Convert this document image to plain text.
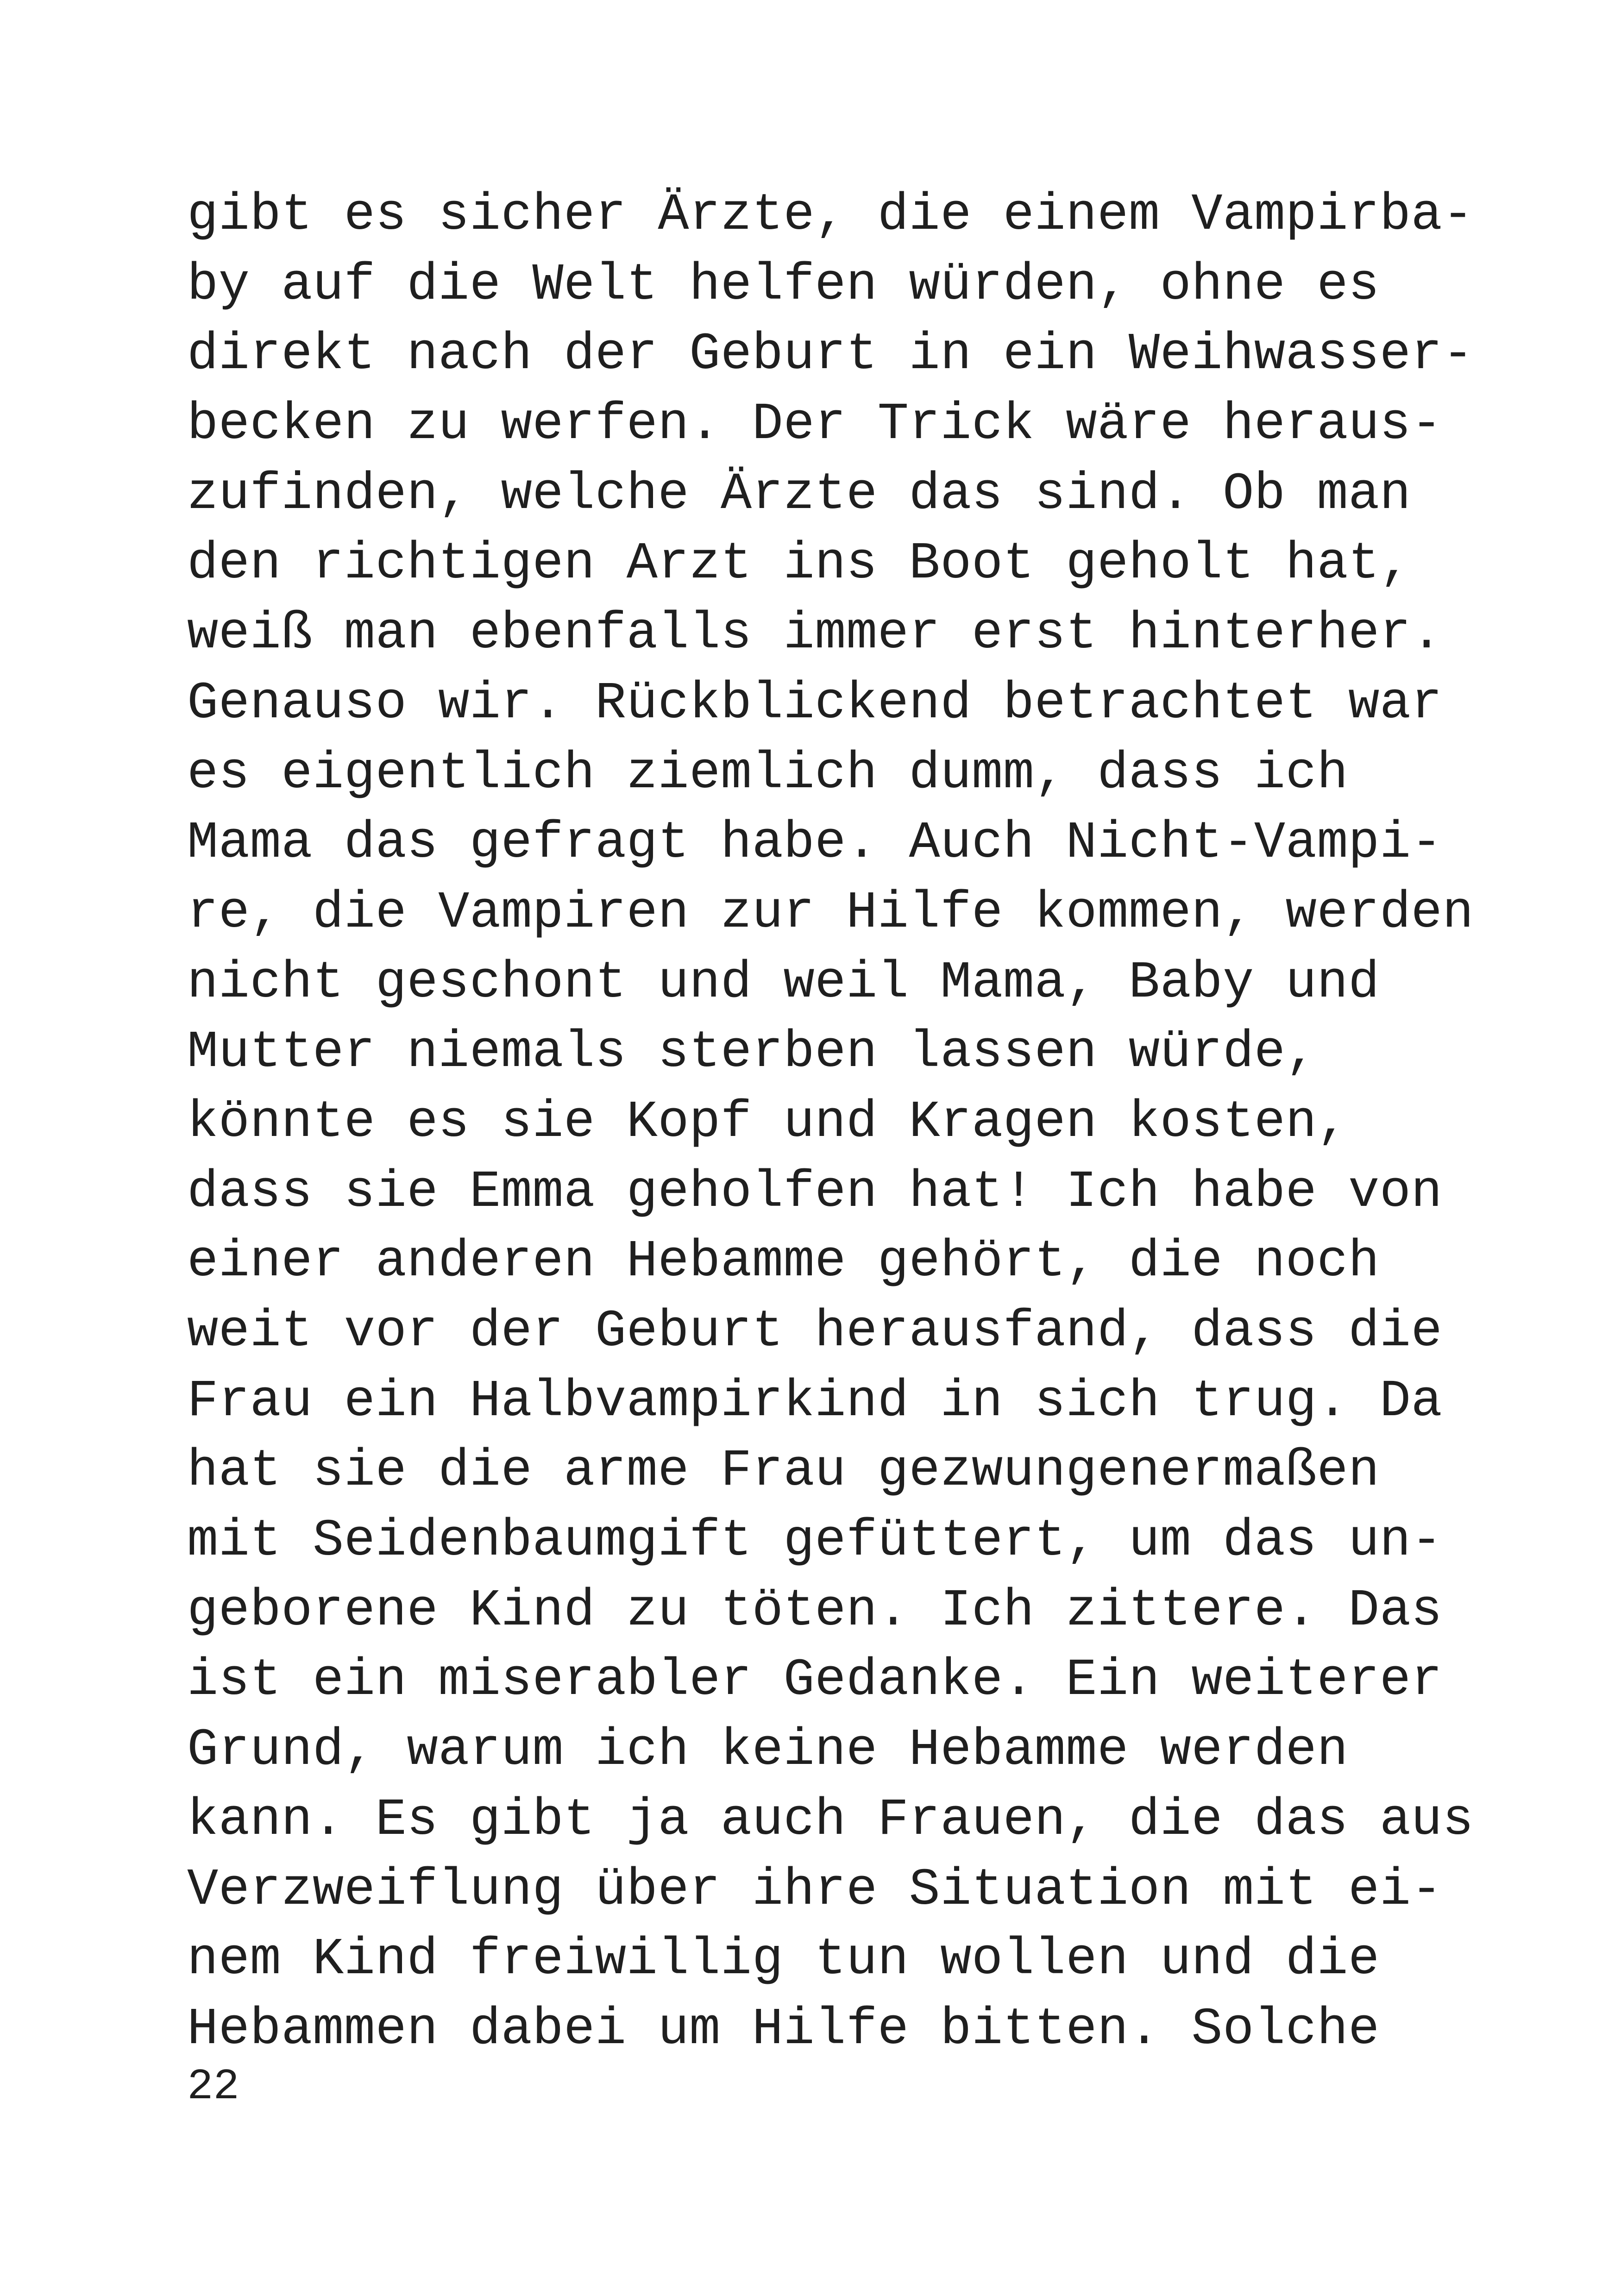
gibt es sicher Ärzte, die einem Vampirba-
by auf die Welt helfen würden, ohne es
direkt nach der Geburt in ein Weihwasser-
becken zu werfen. Der Trick wäre heraus-
zufinden, welche Ärzte das sind. Ob man
den richtigen Arzt ins Boot geholt hat,
weiß man ebenfalls immer erst hinterher.
Genauso wir. Rückblickend betrachtet war
es eigentlich ziemlich dumm, dass ich
Mama das gefragt habe. Auch Nicht-Vampi-
re, die Vampiren zur Hilfe kommen, werden
nicht geschont und weil Mama, Baby und
Mutter niemals sterben lassen würde,
könnte es sie Kopf und Kragen kosten,
dass sie Emma geholfen hat! Ich habe von
einer anderen Hebamme gehört, die noch
weit vor der Geburt herausfand, dass die
Frau ein Halbvampirkind in sich trug. Da
hat sie die arme Frau gezwungenermaßen
mit Seidenbaumgift gefüttert, um das un-
geborene Kind zu töten. Ich zittere. Das
ist ein miserabler Gedanke. Ein weiterer
Grund, warum ich keine Hebamme werden
kann. Es gibt ja auch Frauen, die das aus
Verzweiflung über ihre Situation mit ei-
nem Kind freiwillig tun wollen und die
Hebammen dabei um Hilfe bitten. Solche
22
